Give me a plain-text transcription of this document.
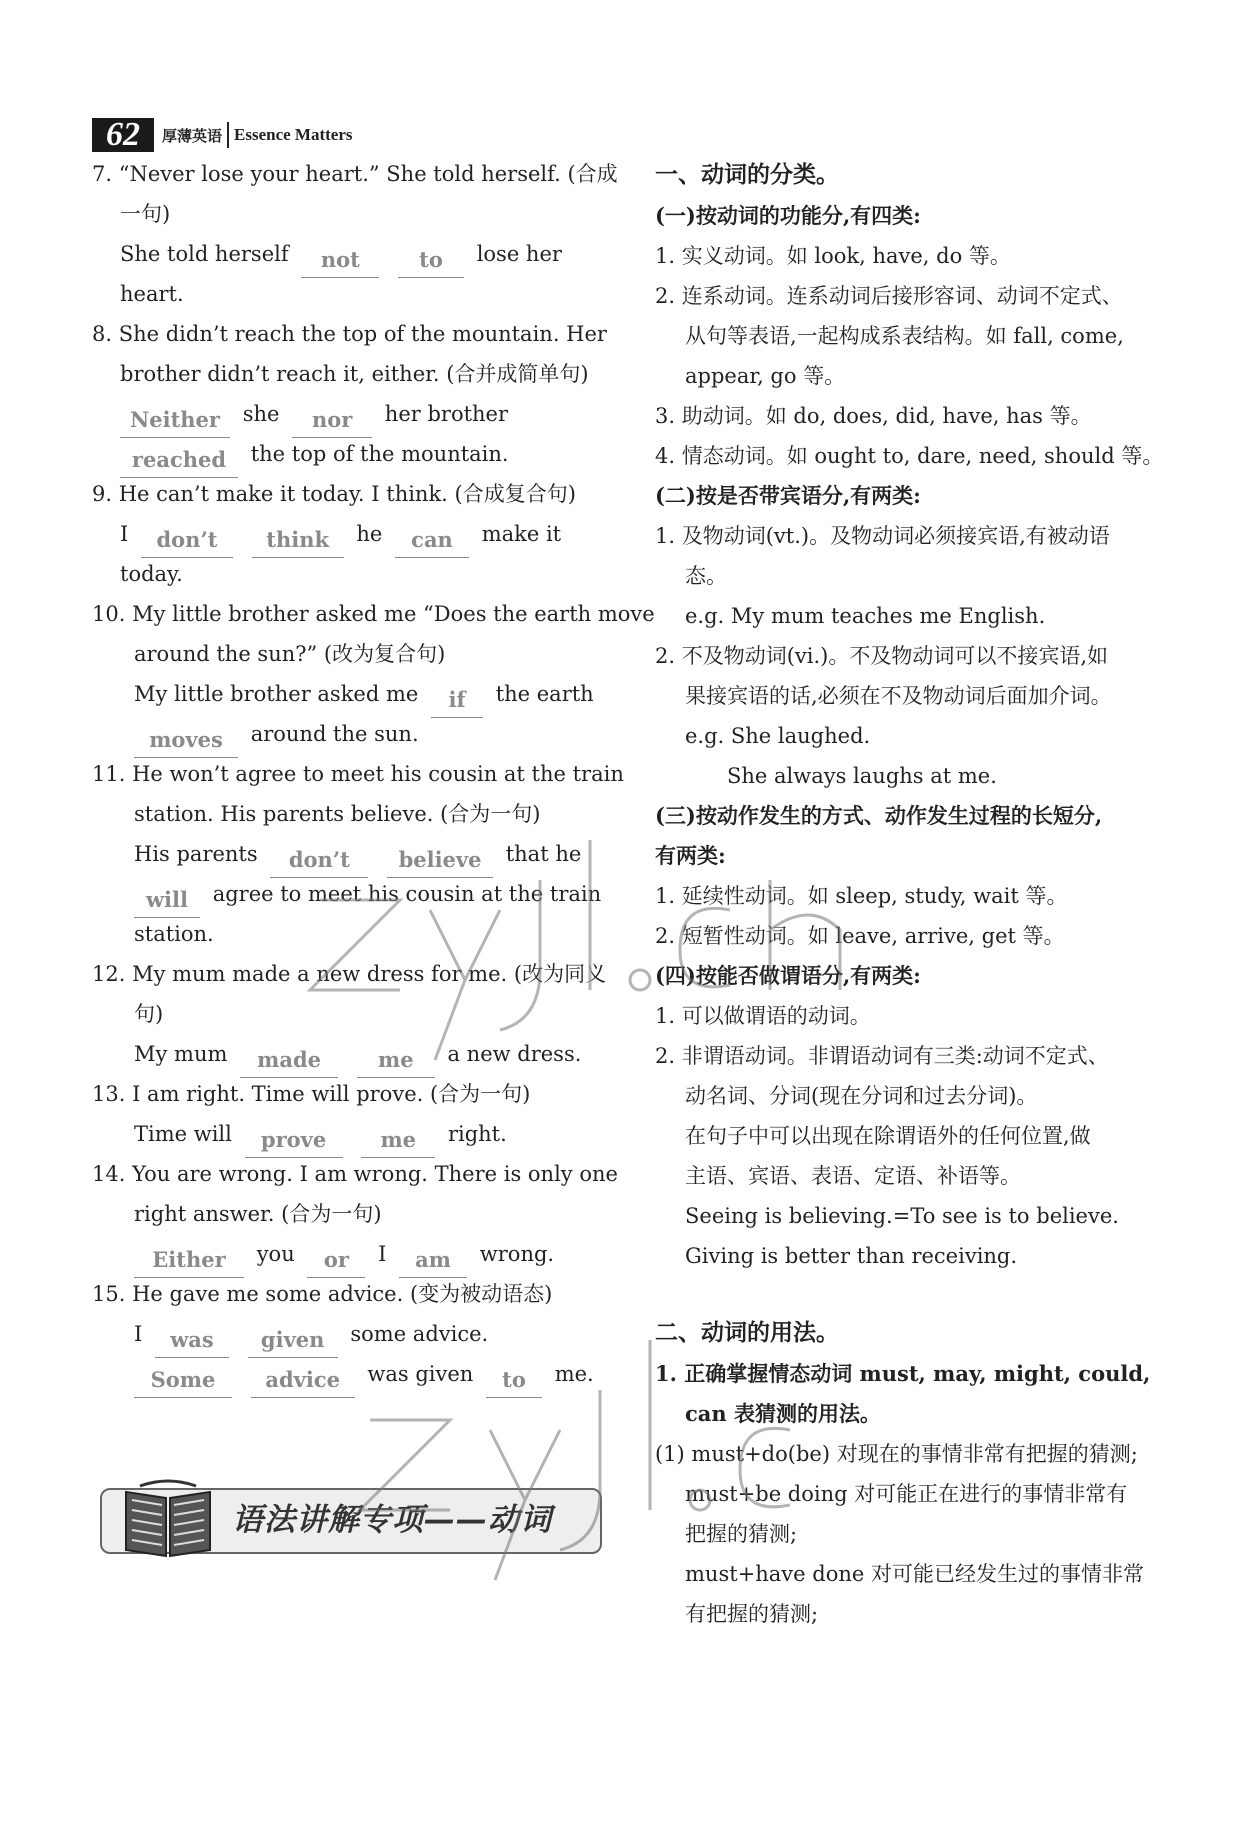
62	厚薄英语 Essence Matters
7. “Never lose your heart.” She told herself. (合成
一句)
She told herself not	to lose her
heart.
8. She didn’t reach the top of the mountain. Her
brother didn’t reach it, either. (合并成简单句)
Neither she nor her brother
reached the top of the mountain.
9. He can’t make it today. I think. (合成复合句)
I don’t think he can make it
today.
10. My little brother asked me “Does the earth move
around the sun?” (改为复合句)
My little brother asked me if the earth
moves around the sun.
11. He won’t agree to meet his cousin at the train
station. His parents believe. (合为一句)
His parents don’t believe that he
will agree to meet his cousin at the train
station.
12. My mum made a new dress for me. (改为同义
句)
My mum made	me a new dress.
13. I am right. Time will prove. (合为一句)
Time will prove	me right.
14. You are wrong. I am wrong. There is only one
right answer. (合为一句)
Either you or I am wrong.
15. He gave me some advice. (变为被动语态)
I was given some advice.
Some advice was given to me.
语法讲解专项——动词
一、动词的分类。
(一)按动词的功能分,有四类:
1. 实义动词。如 look, have, do 等。
2. 连系动词。连系动词后接形容词、动词不定式、
从句等表语,一起构成系表结构。如 fall, come,
appear, go 等。
3. 助动词。如 do, does, did, have, has 等。
4. 情态动词。如 ought to, dare, need, should 等。
(二)按是否带宾语分,有两类:
1. 及物动词(vt.)。及物动词必须接宾语,有被动语
态。
e.g. My mum teaches me English.
2. 不及物动词(vi.)。不及物动词可以不接宾语,如
果接宾语的话,必须在不及物动词后面加介词。
e.g. She laughed.
She always laughs at me.
(三)按动作发生的方式、动作发生过程的长短分,
有两类:
1. 延续性动词。如 sleep, study, wait 等。
2. 短暂性动词。如 leave, arrive, get 等。
(四)按能否做谓语分,有两类:
1. 可以做谓语的动词。
2. 非谓语动词。非谓语动词有三类:动词不定式、
动名词、分词(现在分词和过去分词)。
在句子中可以出现在除谓语外的任何位置,做
主语、宾语、表语、定语、补语等。
Seeing is believing.=To see is to believe.
Giving is better than receiving.
二、动词的用法。
1. 正确掌握情态动词 must, may, might, could,
can 表猜测的用法。
(1) must+do(be) 对现在的事情非常有把握的猜测;
must+be doing 对可能正在进行的事情非常有
把握的猜测;
must+have done 对可能已经发生过的事情非常
有把握的猜测;
